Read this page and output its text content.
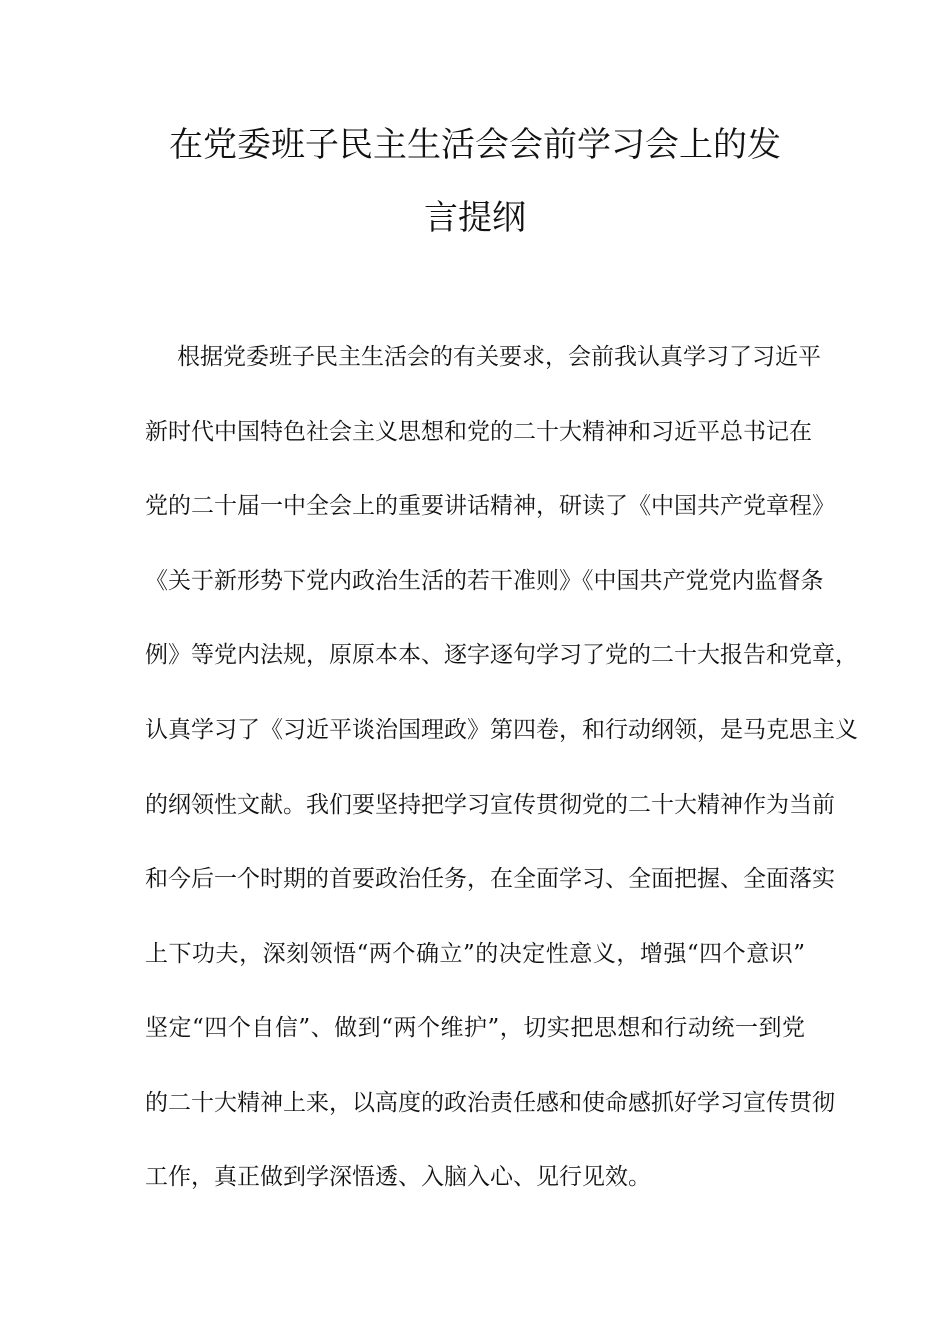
在党委班子民主生活会会前学习会上的发
言提纲
根据党委班子民主生活会的有关要求，会前我认真学习了习近平
新时代中国特色社会主义思想和党的二十大精神和习近平总书记在
党的二十届一中全会上的重要讲话精神，研读了《中国共产党章程》
《关于新形势下党内政治生活的若干准则》《中国共产党党内监督条
例》等党内法规，原原本本、逐字逐句学习了党的二十大报告和党章，
认真学习了《习近平谈治国理政》第四卷，和行动纲领，是马克思主义
的纲领性文献。我们要坚持把学习宣传贯彻党的二十大精神作为当前
和今后一个时期的首要政治任务，在全面学习、全面把握、全面落实
上下功夫，深刻领悟“两个确立”的决定性意义，增强“四个意识”
坚定“四个自信”、做到“两个维护”，切实把思想和行动统一到党
的二十大精神上来，以高度的政治责任感和使命感抓好学习宣传贯彻
工作，真正做到学深悟透、入脑入心、见行见效。
